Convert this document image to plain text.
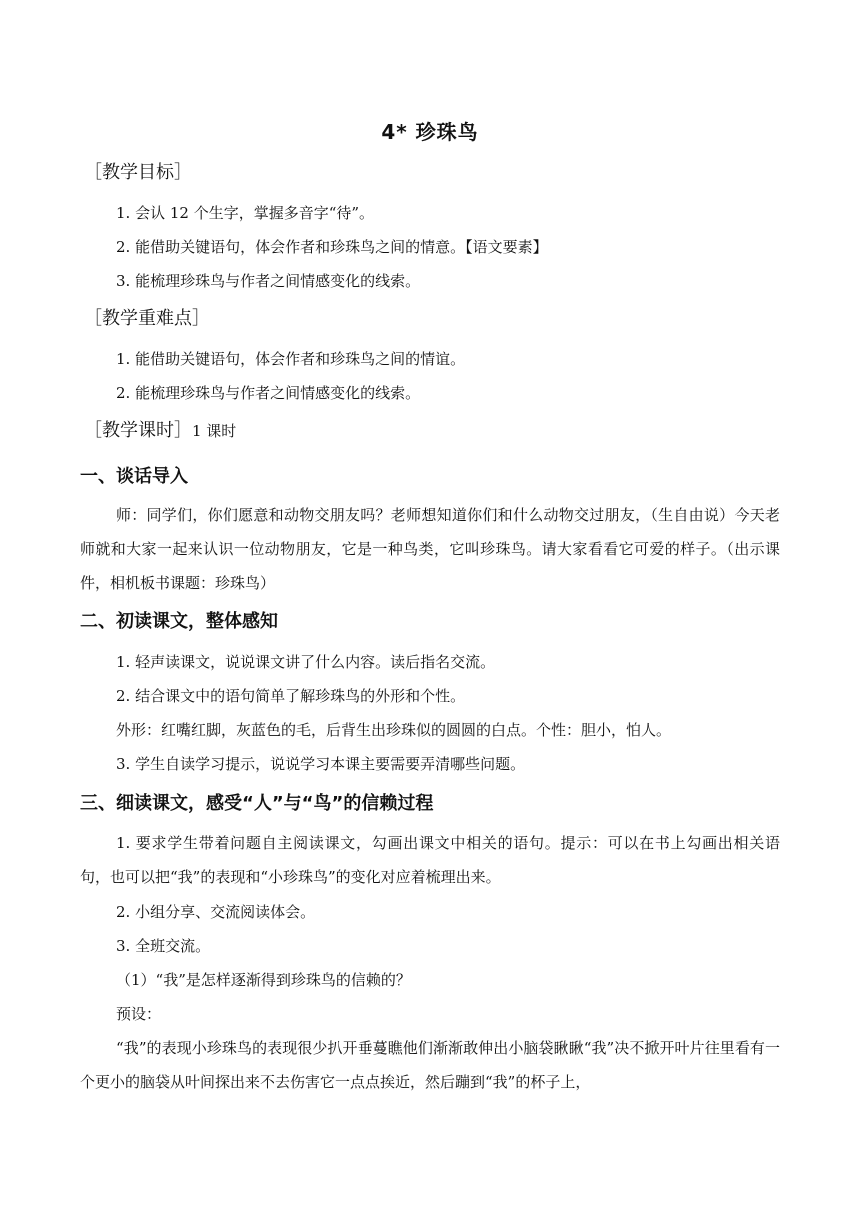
4* 珍珠鸟
［教学目标］
1. 会认 12 个生字，掌握多音字“待”。
2. 能借助关键语句，体会作者和珍珠鸟之间的情意。【语文要素】
3. 能梳理珍珠鸟与作者之间情感变化的线索。
［教学重难点］
1. 能借助关键语句，体会作者和珍珠鸟之间的情谊。
2. 能梳理珍珠鸟与作者之间情感变化的线索。
［教学课时］1 课时
一、谈话导入
师：同学们，你们愿意和动物交朋友吗？老师想知道你们和什么动物交过朋友，（生自由说）今天老师就和大家一起来认识一位动物朋友，它是一种鸟类，它叫珍珠鸟。请大家看看它可爱的样子。（出示课件，相机板书课题：珍珠鸟）
二、初读课文，整体感知
1. 轻声读课文，说说课文讲了什么内容。读后指名交流。
2. 结合课文中的语句简单了解珍珠鸟的外形和个性。
外形：红嘴红脚，灰蓝色的毛，后背生出珍珠似的圆圆的白点。个性：胆小，怕人。
3. 学生自读学习提示，说说学习本课主要需要弄清哪些问题。
三、细读课文，感受“人”与“鸟”的信赖过程
1. 要求学生带着问题自主阅读课文，勾画出课文中相关的语句。提示：可以在书上勾画出相关语句，也可以把“我”的表现和“小珍珠鸟”的变化对应着梳理出来。
2. 小组分享、交流阅读体会。
3. 全班交流。
（1）“我”是怎样逐渐得到珍珠鸟的信赖的？
预设：
“我”的表现小珍珠鸟的表现很少扒开垂蔓瞧他们渐渐敢伸出小脑袋瞅瞅“我”决不掀开叶片往里看有一个更小的脑袋从叶间探出来不去伤害它一点点挨近，然后蹦到“我”的杯子上，
